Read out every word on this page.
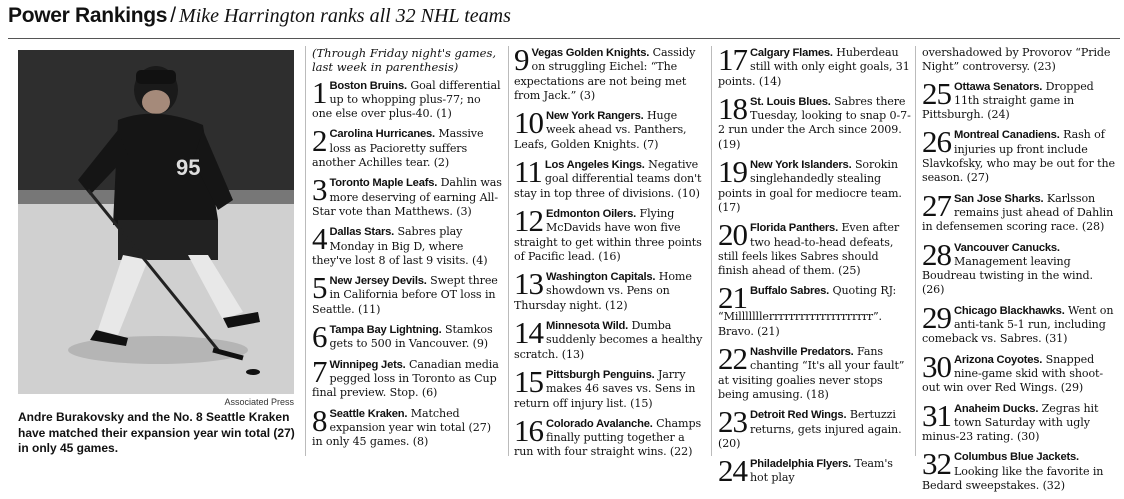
Power Rankings / Mike Harrington ranks all 32 NHL teams
95
Associated Press
Andre Burakovsky and the No. 8 Seattle Kraken have matched their expansion year win total (27) in only 45 games.
(Through Friday night's games, last week in parenthesis)
1 Boston Bruins. Goal differential up to whopping plus-77; no one else over plus-40. (1)
2 Carolina Hurricanes. Massive loss as Pacioretty suffers another Achilles tear. (2)
3 Toronto Maple Leafs. Dahlin was more deserving of earning All-Star vote than Matthews. (3)
4 Dallas Stars. Sabres play Monday in Big D, where they've lost 8 of last 9 visits. (4)
5 New Jersey Devils. Swept three in California before OT loss in Seattle. (11)
6 Tampa Bay Lightning. Stamkos gets to 500 in Vancouver. (9)
7 Winnipeg Jets. Canadian media pegged loss in Toronto as Cup final preview. Stop. (6)
8 Seattle Kraken. Matched expansion year win total (27) in only 45 games. (8)
9 Vegas Golden Knights. Cassidy on struggling Eichel: “The expectations are not being met from Jack.” (3)
10 New York Rangers. Huge week ahead vs. Panthers, Leafs, Golden Knights. (7)
11 Los Angeles Kings. Negative goal differential teams don't stay in top three of divisions. (10)
12 Edmonton Oilers. Flying McDavids have won five straight to get within three points of Pacific lead. (16)
13 Washington Capitals. Home showdown vs. Pens on Thursday night. (12)
14 Minnesota Wild. Dumba suddenly becomes a healthy scratch. (13)
15 Pittsburgh Penguins. Jarry makes 46 saves vs. Sens in return off injury list. (15)
16 Colorado Avalanche. Champs finally putting together a run with four straight wins. (22)
17 Calgary Flames. Huberdeau still with only eight goals, 31 points. (14)
18 St. Louis Blues. Sabres there Tuesday, looking to snap 0-7-2 run under the Arch since 2009. (19)
19 New York Islanders. Sorokin singlehandedly stealing points in goal for mediocre team. (17)
20 Florida Panthers. Even after two head-to-head defeats, still feels likes Sabres should finish ahead of them. (25)
21 Buffalo Sabres. Quoting RJ: “Milllllllerrrrrrrrrrrrrrrrrrrr”. Bravo. (21)
22 Nashville Predators. Fans chanting “It's all your fault” at visiting goalies never stops being amusing. (18)
23 Detroit Red Wings. Bertuzzi returns, gets injured again. (20)
24 Philadelphia Flyers. Team's hot play
overshadowed by Provorov “Pride Night” controversy. (23)
25 Ottawa Senators. Dropped 11th straight game in Pittsburgh. (24)
26 Montreal Canadiens. Rash of injuries up front include Slavkofsky, who may be out for the season. (27)
27 San Jose Sharks. Karlsson remains just ahead of Dahlin in defensemen scoring race. (28)
28 Vancouver Canucks. Management leaving Boudreau twisting in the wind. (26)
29 Chicago Blackhawks. Went on anti-tank 5-1 run, including comeback vs. Sabres. (31)
30 Arizona Coyotes. Snapped nine-game skid with shoot-out win over Red Wings. (29)
31 Anaheim Ducks. Zegras hit town Saturday with ugly minus-23 rating. (30)
32 Columbus Blue Jackets. Looking like the favorite in Bedard sweepstakes. (32)
